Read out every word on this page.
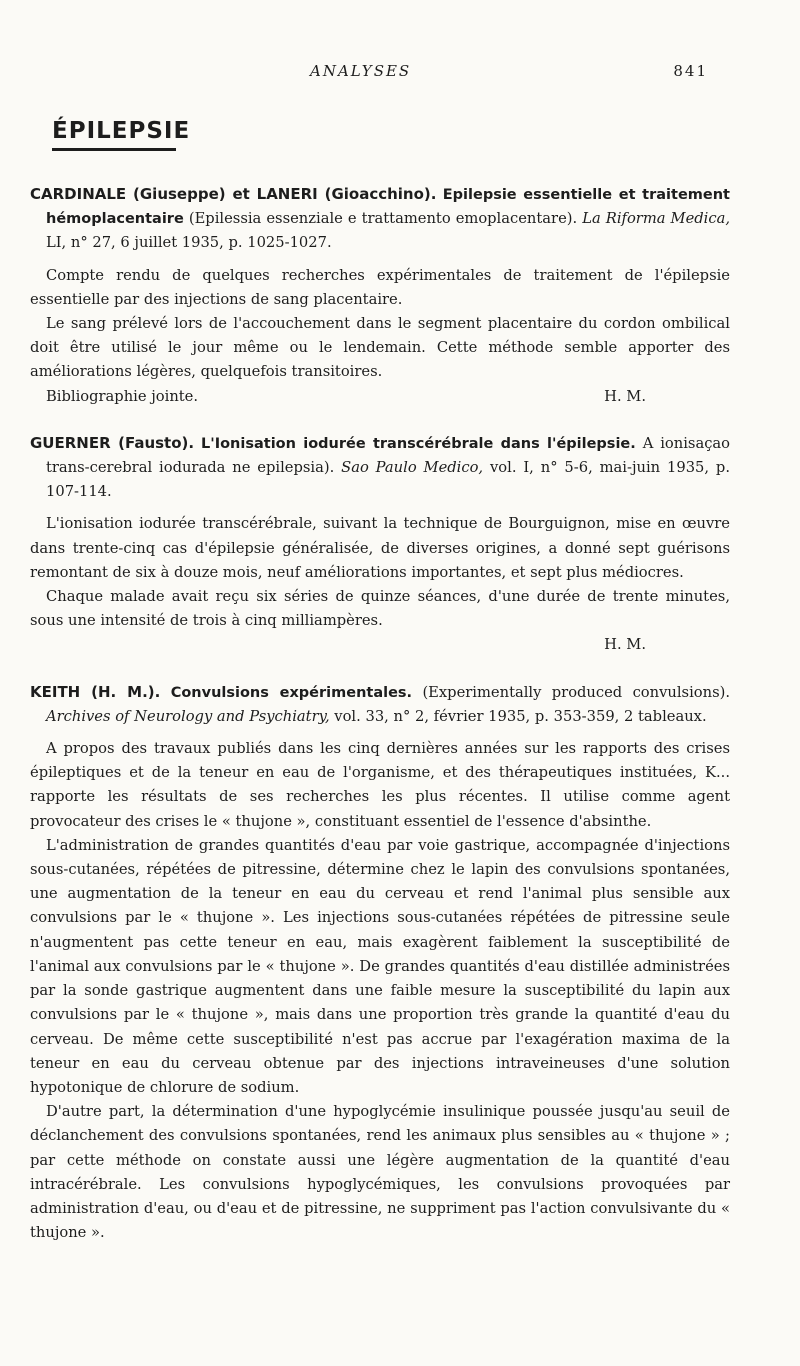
ANALYSES	841
ÉPILEPSIE

CARDINALE (Giuseppe) et LANERI (Gioacchino). Epilepsie essentielle et traitement hémoplacentaire (Epilessia essenziale e trattamento emoplacentare). La Riforma Medica, LI, n° 27, 6 juillet 1935, p. 1025-1027.

Compte rendu de quelques recherches expérimentales de traitement de l'épilepsie essentielle par des injections de sang placentaire.

Le sang prélevé lors de l'accouchement dans le segment placentaire du cordon ombilical doit être utilisé le jour même ou le lendemain. Cette méthode semble apporter des améliorations légères, quelquefois transitoires.

Bibliographie jointe.	H. M.

GUERNER (Fausto). L'Ionisation iodurée transcérébrale dans l'épilepsie. A ionisaçao trans-cerebral iodurada ne epilepsia). Sao Paulo Medico, vol. I, n° 5-6, mai-juin 1935, p. 107-114.

L'ionisation iodurée transcérébrale, suivant la technique de Bourguignon, mise en œuvre dans trente-cinq cas d'épilepsie généralisée, de diverses origines, a donné sept guérisons remontant de six à douze mois, neuf améliorations importantes, et sept plus médiocres.

Chaque malade avait reçu six séries de quinze séances, d'une durée de trente minutes, sous une intensité de trois à cinq milliampères.

H. M.

KEITH (H. M.). Convulsions expérimentales. (Experimentally produced convulsions). Archives of Neurology and Psychiatry, vol. 33, n° 2, février 1935, p. 353-359, 2 tableaux.

A propos des travaux publiés dans les cinq dernières années sur les rapports des crises épileptiques et de la teneur en eau de l'organisme, et des thérapeutiques instituées, K... rapporte les résultats de ses recherches les plus récentes. Il utilise comme agent provocateur des crises le « thujone », constituant essentiel de l'essence d'absinthe.

L'administration de grandes quantités d'eau par voie gastrique, accompagnée d'injections sous-cutanées, répétées de pitressine, détermine chez le lapin des convulsions spontanées, une augmentation de la teneur en eau du cerveau et rend l'animal plus sensible aux convulsions par le « thujone ». Les injections sous-cutanées répétées de pitressine seule n'augmentent pas cette teneur en eau, mais exagèrent faiblement la susceptibilité de l'animal aux convulsions par le « thujone ». De grandes quantités d'eau distillée administrées par la sonde gastrique augmentent dans une faible mesure la susceptibilité du lapin aux convulsions par le « thujone », mais dans une proportion très grande la quantité d'eau du cerveau. De même cette susceptibilité n'est pas accrue par l'exagération maxima de la teneur en eau du cerveau obtenue par des injections intraveineuses d'une solution hypotonique de chlorure de sodium.

D'autre part, la détermination d'une hypoglycémie insulinique poussée jusqu'au seuil de déclanchement des convulsions spontanées, rend les animaux plus sensibles au « thujone » ; par cette méthode on constate aussi une légère augmentation de la quantité d'eau intracérébrale. Les convulsions hypoglycémiques, les convulsions provoquées par administration d'eau, ou d'eau et de pitressine, ne suppriment pas l'action convulsivante du « thujone ».
